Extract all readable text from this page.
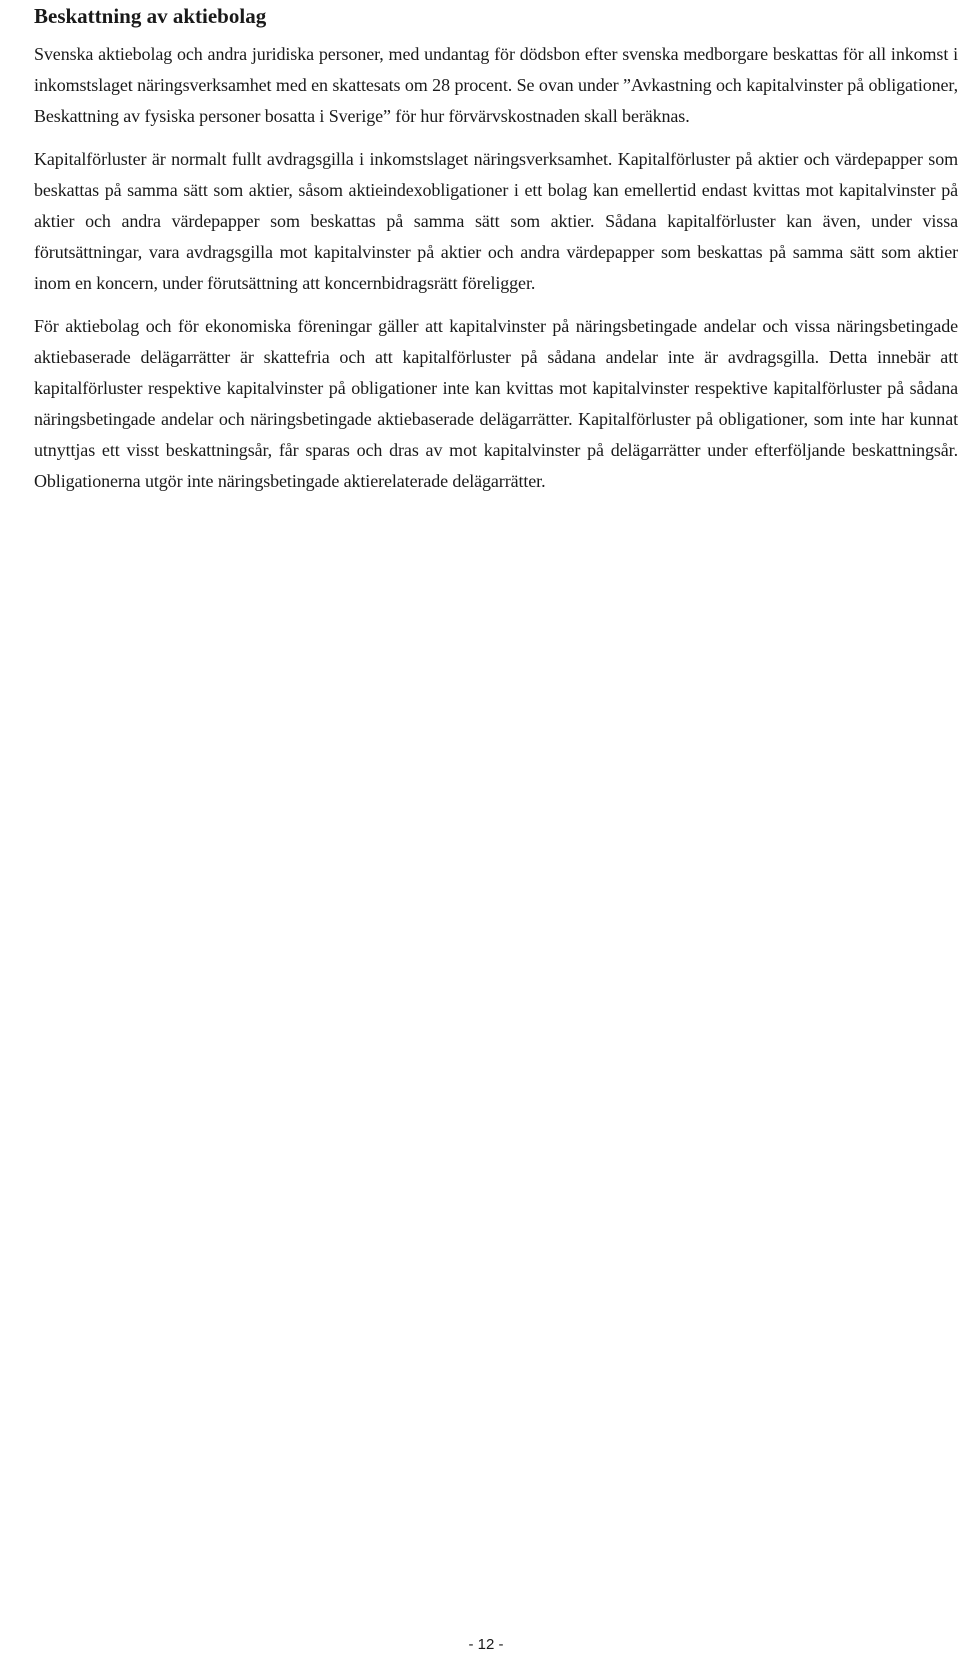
Beskattning av aktiebolag

Svenska aktiebolag och andra juridiska personer, med undantag för dödsbon efter svenska medborgare beskattas för all inkomst i inkomstslaget näringsverksamhet med en skattesats om 28 procent. Se ovan under ”Avkastning och kapitalvinster på obligationer, Beskattning av fysiska personer bosatta i Sverige” för hur förvärvskostnaden skall beräknas.

Kapitalförluster är normalt fullt avdragsgilla i inkomstslaget näringsverksamhet. Kapitalförluster på aktier och värdepapper som beskattas på samma sätt som aktier, såsom aktieindexobligationer i ett bolag kan emellertid endast kvittas mot kapitalvinster på aktier och andra värdepapper som beskattas på samma sätt som aktier. Sådana kapitalförluster kan även, under vissa förutsättningar, vara avdragsgilla mot kapitalvinster på aktier och andra värdepapper som beskattas på samma sätt som aktier inom en koncern, under förutsättning att koncernbidragsrätt föreligger.

För aktiebolag och för ekonomiska föreningar gäller att kapitalvinster på näringsbetingade andelar och vissa näringsbetingade aktiebaserade delägarrätter är skattefria och att kapitalförluster på sådana andelar inte är avdragsgilla. Detta innebär att kapitalförluster respektive kapitalvinster på obligationer inte kan kvittas mot kapitalvinster respektive kapitalförluster på sådana näringsbetingade andelar och näringsbetingade aktiebaserade delägarrätter. Kapitalförluster på obligationer, som inte har kunnat utnyttjas ett visst beskattningsår, får sparas och dras av mot kapitalvinster på delägarrätter under efterföljande beskattningsår. Obligationerna utgör inte näringsbetingade aktierelaterade delägarrätter.

- 12 -
